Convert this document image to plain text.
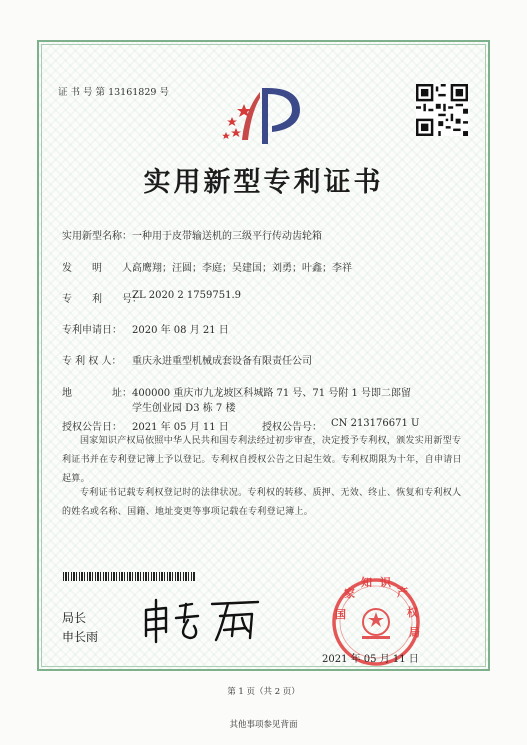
证 书 号 第 13161829 号
实用新型专利证书
实用新型名称： 一种用于皮带输送机的三级平行传动齿轮箱
发　　明　　人：
高鹰翔；汪圆；李庭；吴建国；刘勇；叶鑫；李祥
专　　利　　号：
ZL 2020 2 1759751.9
专利申请日： 2020 年 08 月 21 日
专 利 权 人： 重庆永进重型机械成套设备有限责任公司
地　　　　址： 400000 重庆市九龙坡区科城路 71 号、71 号附 1 号即二郎留
学生创业园 D3 栋 7 楼
授权公告日： 2021 年 05 月 11 日	授权公告号： CN 213176671 U
国家知识产权局依照中华人民共和国专利法经过初步审查，决定授予专利权，颁发实用新型专利证书并在专利登记簿上予以登记。专利权自授权公告之日起生效。专利权期限为十年，自申请日起算。
专利证书记载专利权登记时的法律状况。专利权的转移、质押、无效、终止、恢复和专利权人的姓名或名称、国籍、地址变更等事项记载在专利登记簿上。
局长
申长雨
国
家
知 识
产
权
局
2021 年 05 月 11 日
第 1 页（共 2 页）
其他事项参见背面
